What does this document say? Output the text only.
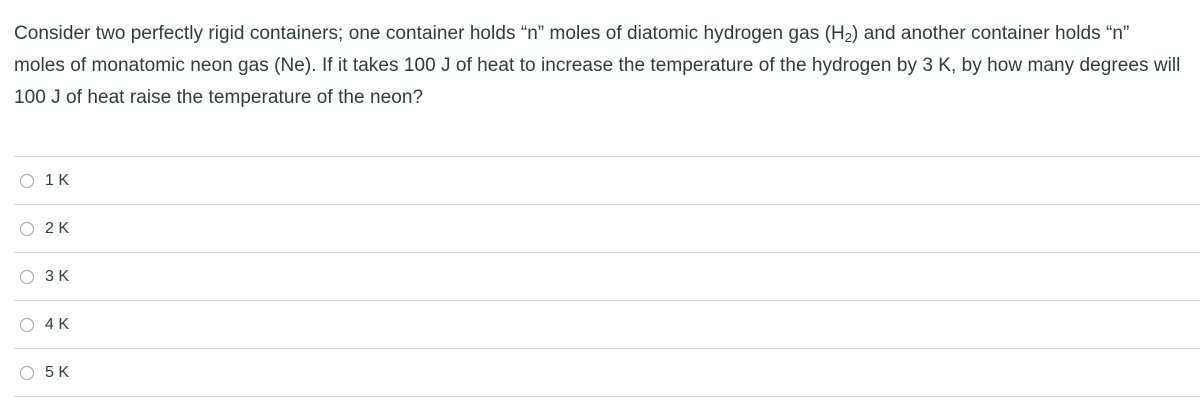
Consider two perfectly rigid containers; one container holds “n” moles of diatomic hydrogen gas $(H_2)$ and another container holds “n” moles of monatomic neon gas (Ne). If it takes 100 J of heat to increase the temperature of the hydrogen by 3 K, by how many degrees will 100 J of heat raise the temperature of the neon?
1 K
2 K
3 K
4 K
5 K
